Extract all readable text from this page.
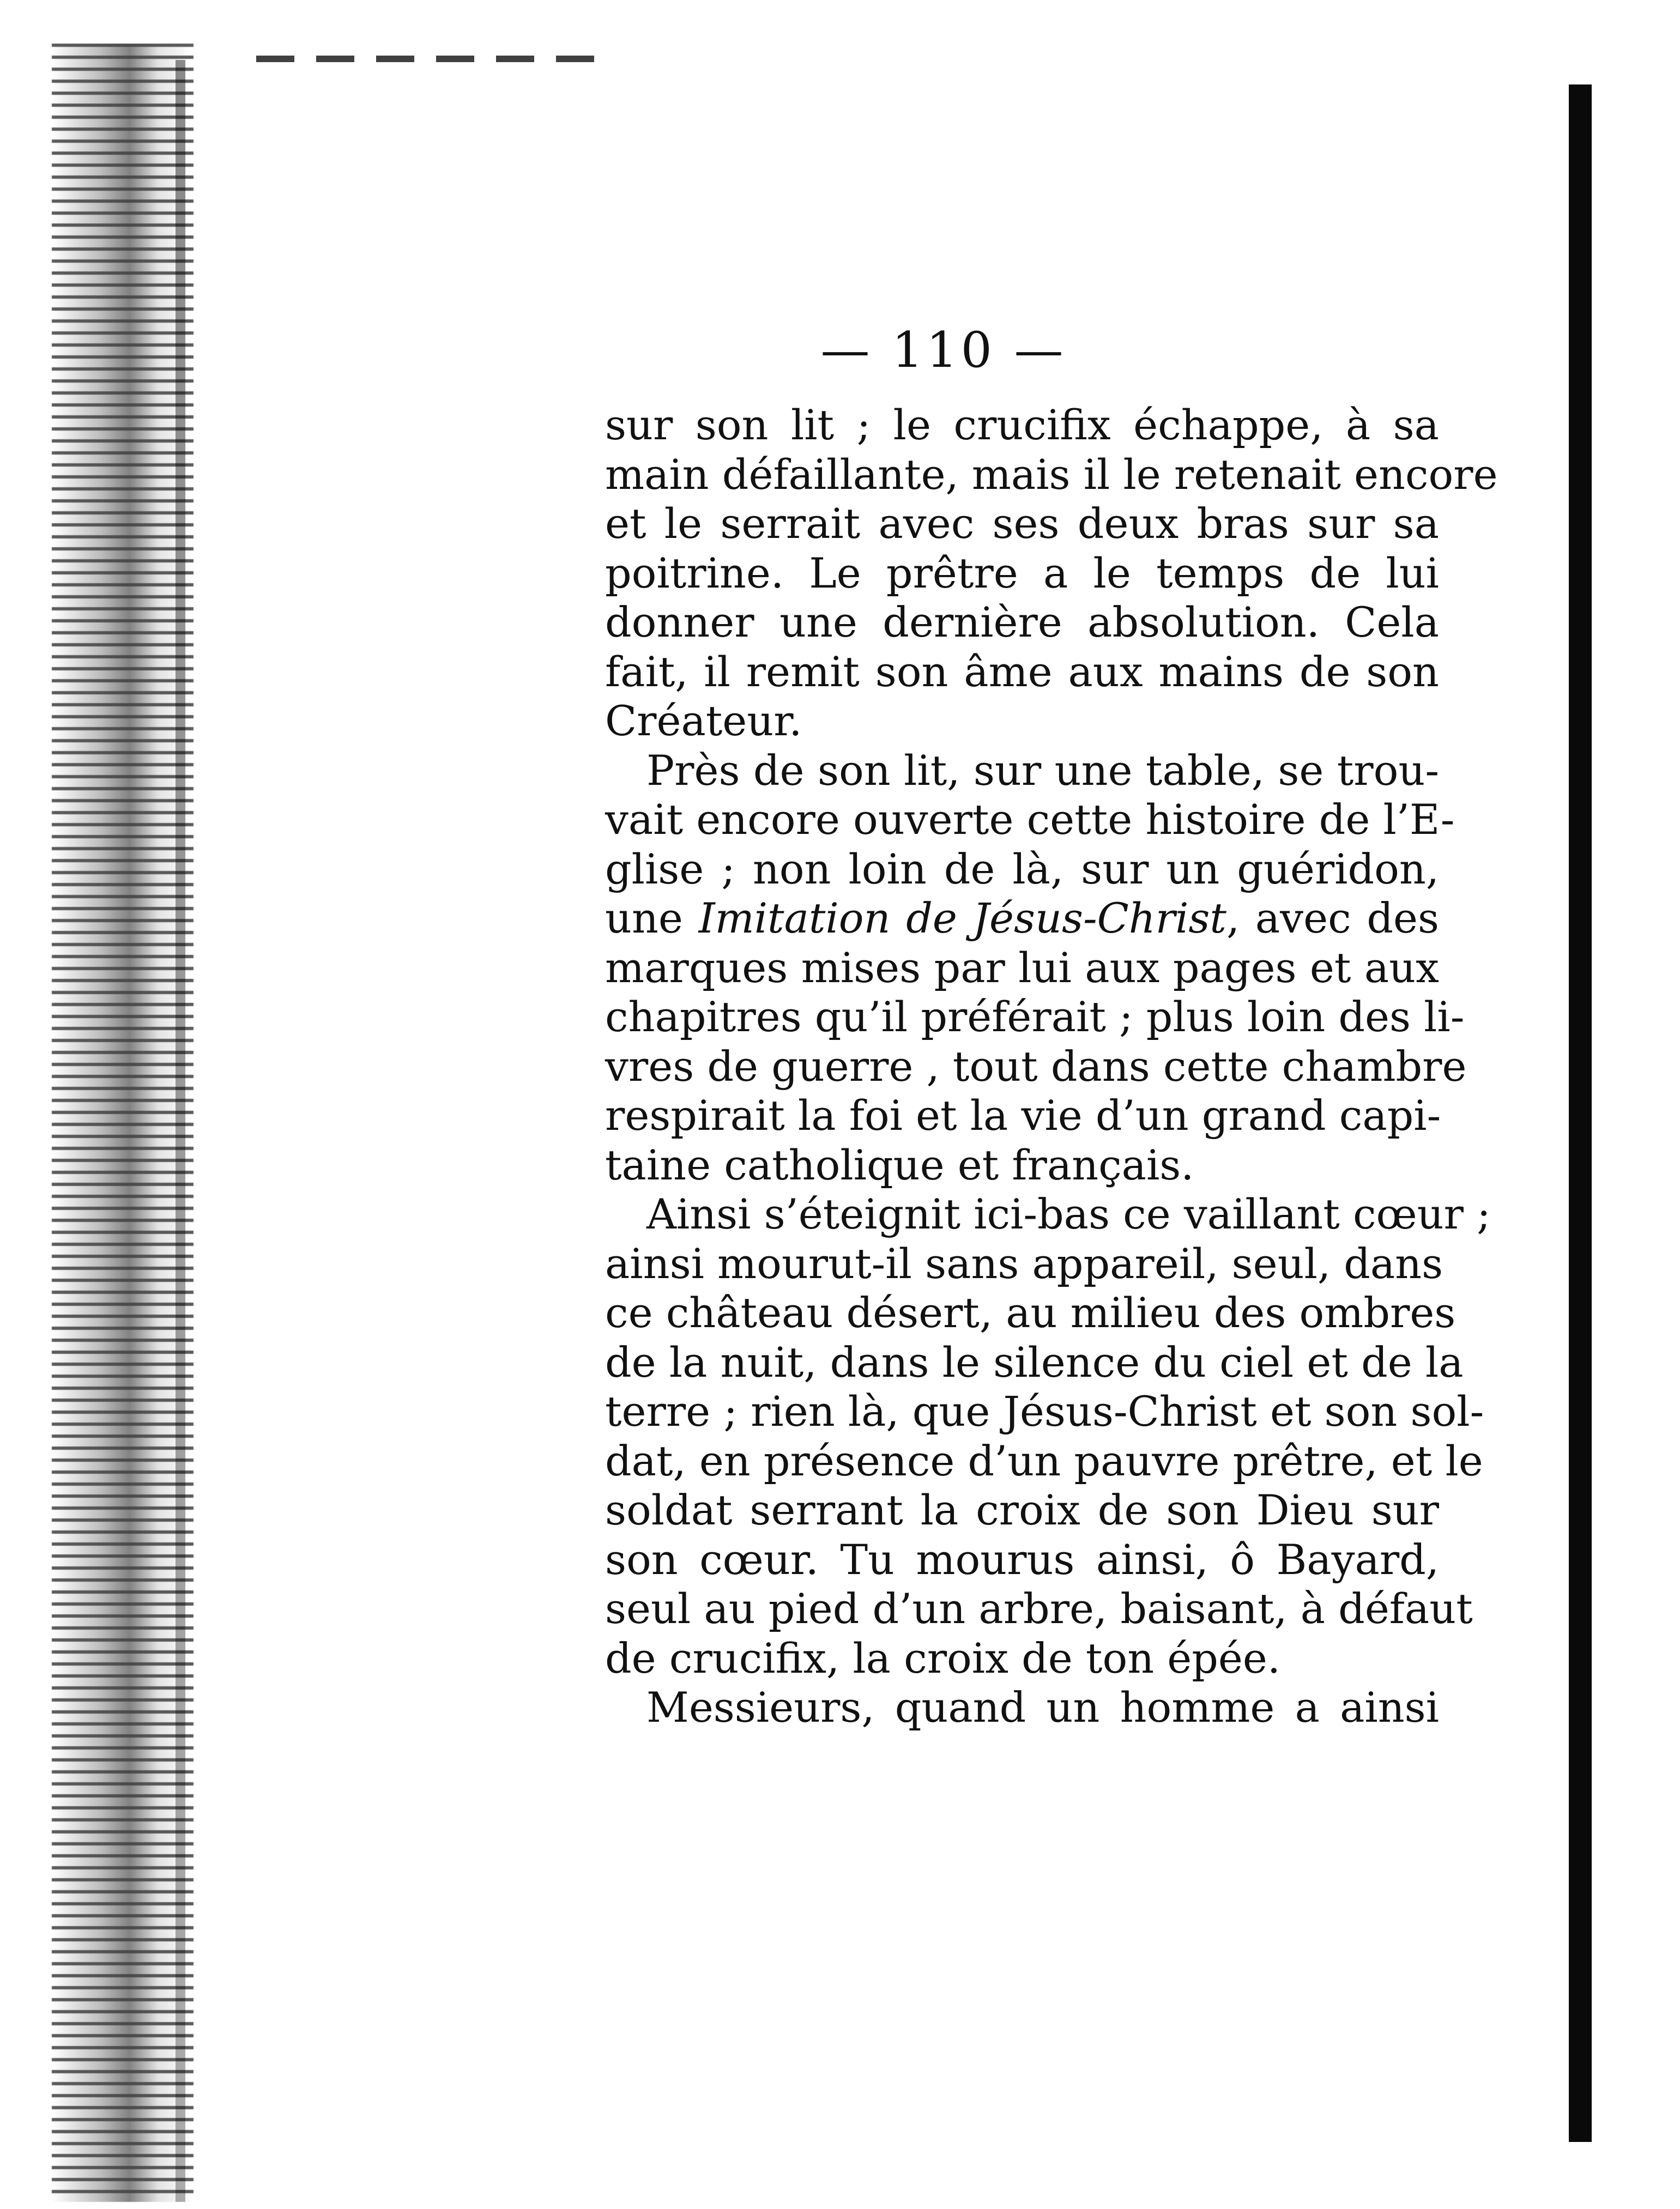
— 110 —
sur son lit ; le crucifix échappe, à sa
main défaillante, mais il le retenait encore
et le serrait avec ses deux bras sur sa
poitrine. Le prêtre a le temps de lui
donner une dernière absolution. Cela
fait, il remit son âme aux mains de son
Créateur.
Près de son lit, sur une table, se trou-
vait encore ouverte cette histoire de l’E-
glise ; non loin de là, sur un guéridon,
une Imitation de Jésus-Christ, avec des
marques mises par lui aux pages et aux
chapitres qu’il préférait ; plus loin des li-
vres de guerre , tout dans cette chambre
respirait la foi et la vie d’un grand capi-
taine catholique et français.
Ainsi s’éteignit ici-bas ce vaillant cœur ;
ainsi mourut-il sans appareil, seul, dans
ce château désert, au milieu des ombres
de la nuit, dans le silence du ciel et de la
terre ; rien là, que Jésus-Christ et son sol-
dat, en présence d’un pauvre prêtre, et le
soldat serrant la croix de son Dieu sur
son cœur. Tu mourus ainsi, ô Bayard,
seul au pied d’un arbre, baisant, à défaut
de crucifix, la croix de ton épée.
Messieurs, quand un homme a ainsi
